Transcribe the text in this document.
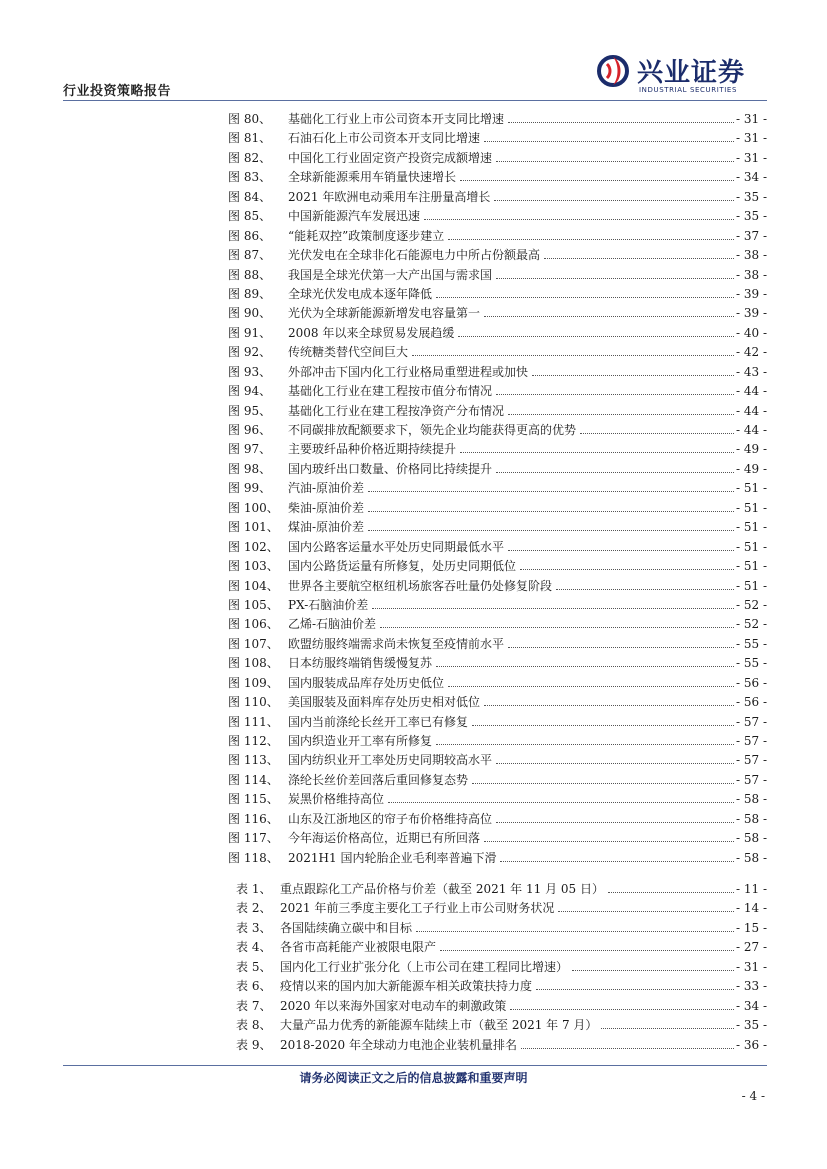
行业投资策略报告
兴业证券
INDUSTRIAL SECURITIES
图 80、	基础化工行业上市公司资本开支同比增速	- 31 -
图 81、	石油石化上市公司资本开支同比增速	- 31 -
图 82、	中国化工行业固定资产投资完成额增速	- 31 -
图 83、	全球新能源乘用车销量快速增长	- 34 -
图 84、	2021 年欧洲电动乘用车注册量高增长	- 35 -
图 85、	中国新能源汽车发展迅速	- 35 -
图 86、	“能耗双控”政策制度逐步建立	- 37 -
图 87、	光伏发电在全球非化石能源电力中所占份额最高	- 38 -
图 88、	我国是全球光伏第一大产出国与需求国	- 38 -
图 89、	全球光伏发电成本逐年降低	- 39 -
图 90、	光伏为全球新能源新增发电容量第一	- 39 -
图 91、	2008 年以来全球贸易发展趋缓	- 40 -
图 92、	传统糖类替代空间巨大	- 42 -
图 93、	外部冲击下国内化工行业格局重塑进程或加快	- 43 -
图 94、	基础化工行业在建工程按市值分布情况	- 44 -
图 95、	基础化工行业在建工程按净资产分布情况	- 44 -
图 96、	不同碳排放配额要求下，领先企业均能获得更高的优势	- 44 -
图 97、	主要玻纤品种价格近期持续提升	- 49 -
图 98、	国内玻纤出口数量、价格同比持续提升	- 49 -
图 99、	汽油-原油价差	- 51 -
图 100、 柴油-原油价差	- 51 -
图 101、 煤油-原油价差	- 51 -
图 102、 国内公路客运量水平处历史同期最低水平	- 51 -
图 103、 国内公路货运量有所修复，处历史同期低位	- 51 -
图 104、 世界各主要航空枢纽机场旅客吞吐量仍处修复阶段	- 51 -
图 105、 PX-石脑油价差	- 52 -
图 106、 乙烯-石脑油价差	- 52 -
图 107、 欧盟纺服终端需求尚未恢复至疫情前水平	- 55 -
图 108、 日本纺服终端销售缓慢复苏	- 55 -
图 109、 国内服装成品库存处历史低位	- 56 -
图 110、 美国服装及面料库存处历史相对低位	- 56 -
图 111、 国内当前涤纶长丝开工率已有修复	- 57 -
图 112、 国内织造业开工率有所修复	- 57 -
图 113、 国内纺织业开工率处历史同期较高水平	- 57 -
图 114、 涤纶长丝价差回落后重回修复态势	- 57 -
图 115、 炭黑价格维持高位	- 58 -
图 116、 山东及江浙地区的帘子布价格维持高位	- 58 -
图 117、 今年海运价格高位，近期已有所回落	- 58 -
图 118、 2021H1 国内轮胎企业毛利率普遍下滑	- 58 -
表 1、 重点跟踪化工产品价格与价差（截至 2021 年 11 月 05 日）	- 11 -
表 2、 2021 年前三季度主要化工子行业上市公司财务状况	- 14 -
表 3、 各国陆续确立碳中和目标	- 15 -
表 4、 各省市高耗能产业被限电限产	- 27 -
表 5、 国内化工行业扩张分化（上市公司在建工程同比增速）	- 31 -
表 6、 疫情以来的国内加大新能源车相关政策扶持力度	- 33 -
表 7、 2020 年以来海外国家对电动车的刺激政策	- 34 -
表 8、 大量产品力优秀的新能源车陆续上市（截至 2021 年 7 月）	- 35 -
表 9、 2018-2020 年全球动力电池企业装机量排名	- 36 -
请务必阅读正文之后的信息披露和重要声明
- 4 -
